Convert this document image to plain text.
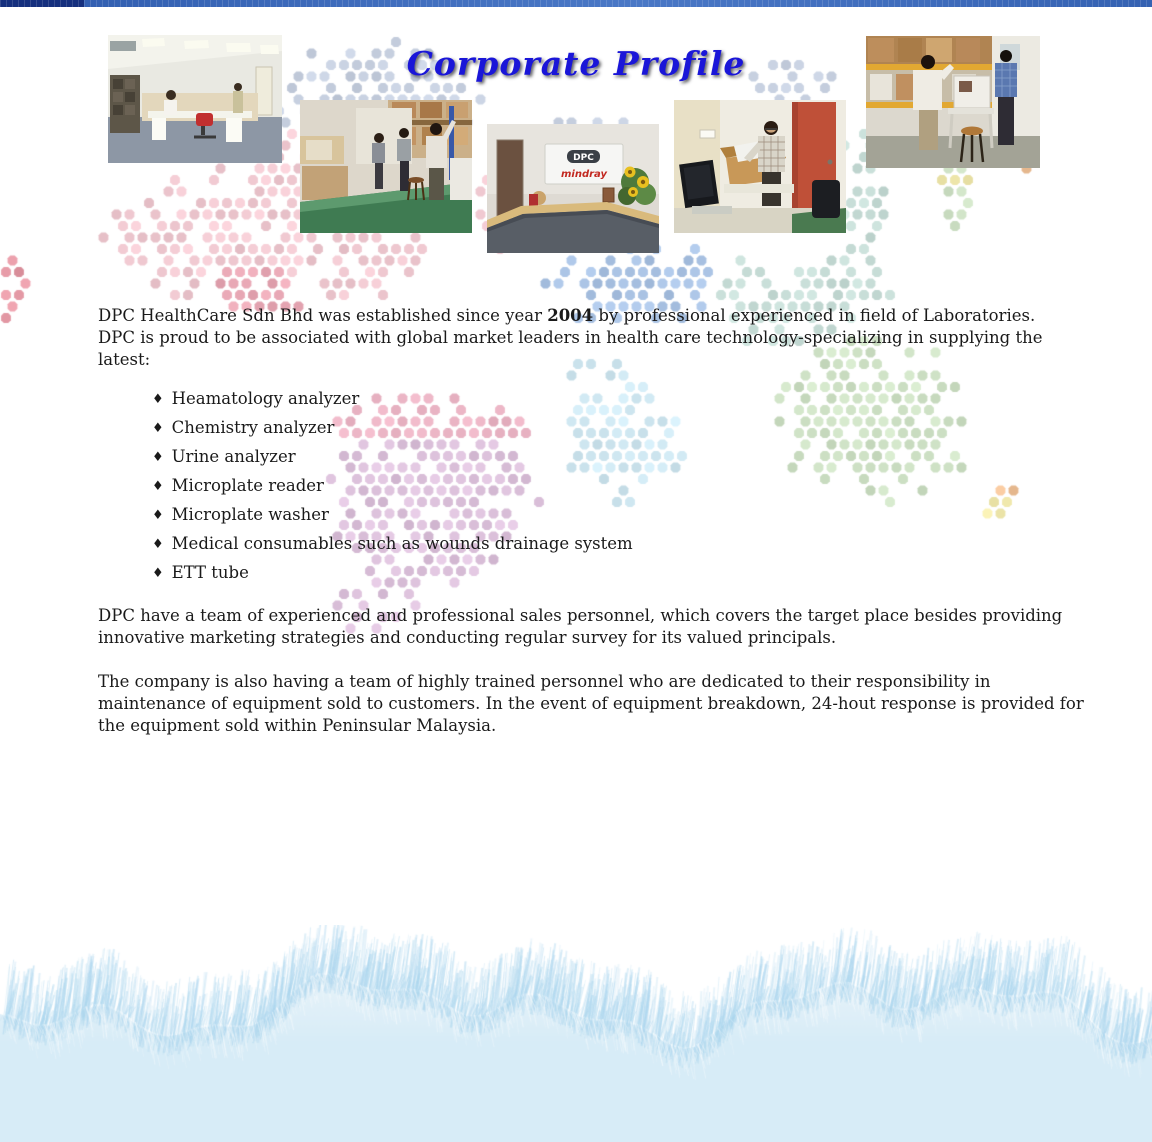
Corporate Profile
DPC
mindray
DPC HealthCare Sdn Bhd was established since year 2004 by professional experienced in field of Laboratories.
DPC is proud to be associated with global market leaders in health care technology-specializing in supplying the
latest:
♦ Heamatology analyzer
♦ Chemistry analyzer
♦ Urine analyzer
♦ Microplate reader
♦ Microplate washer
♦ Medical consumables such as wounds drainage system
♦ ETT tube
DPC have a team of experienced and professional sales personnel, which covers the target place besides providing
innovative marketing strategies and conducting regular survey for its valued principals.
The company is also having a team of highly trained personnel who are dedicated to their responsibility in
maintenance of equipment sold to customers. In the event of equipment breakdown, 24-hout response is provided for
the equipment sold within Peninsular Malaysia.
